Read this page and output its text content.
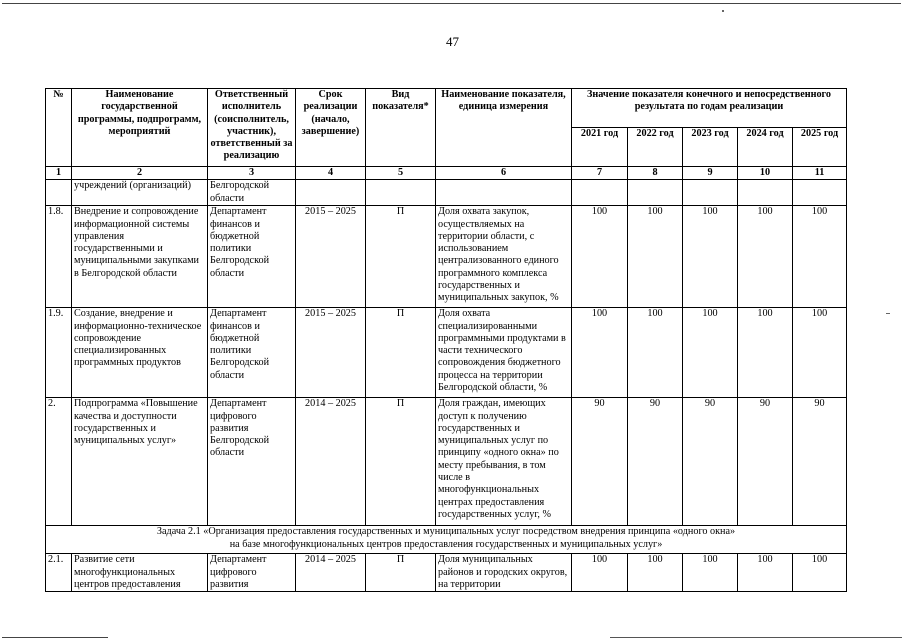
47
№	Наименование государственной программы, подпрограмм, мероприятий	Ответственный исполнитель (соисполнитель, участник), ответственный за реализацию	Срок реализации (начало, завершение)	Вид показателя*	Наименование показателя, единица измерения	Значение показателя конечного и непосредственного результата по годам реализации				
						2021 год	2022 год	2023 год	2024 год	2025 год
1	2	3	4	5	6	7	8	9	10	11
	учреждений (организаций)	Белгородской области								
1.8.	Внедрение и сопровождение информационной системы управления государственными и муниципальными закупками в Белгородской области	Департамент финансов и бюджетной политики Белгородской области	2015 – 2025	П	Доля охвата закупок, осуществляемых на территории области, с использованием централизованного единого программного комплекса государственных и муниципальных закупок, %	100	100	100	100	100
1.9.	Создание, внедрение и информационно-техническое сопровождение специализированных программных продуктов	Департамент финансов и бюджетной политики Белгородской области	2015 – 2025	П	Доля охвата специализированными программными продуктами в части технического сопровождения бюджетного процесса на территории Белгородской области, %	100	100	100	100	100
2.	Подпрограмма «Повышение качества и доступности государственных и муниципальных услуг»	Департамент цифрового развития Белгородской области	2014 – 2025	П	Доля граждан, имеющих доступ к получению государственных и муниципальных услуг по принципу «одного окна» по месту пребывания, в том числе в многофункциональных центрах предоставления государственных услуг, %	90	90	90	90	90

Задача 2.1 «Организация предоставления государственных и муниципальных услуг посредством внедрения принципа «одного окна»
на базе многофункциональных центров предоставления государственных и муниципальных услуг»										

2.1.	Развитие сети многофункциональных центров предоставления	Департамент цифрового развития	2014 – 2025	П	Доля муниципальных районов и городских округов, на территории	100	100	100	100	100
